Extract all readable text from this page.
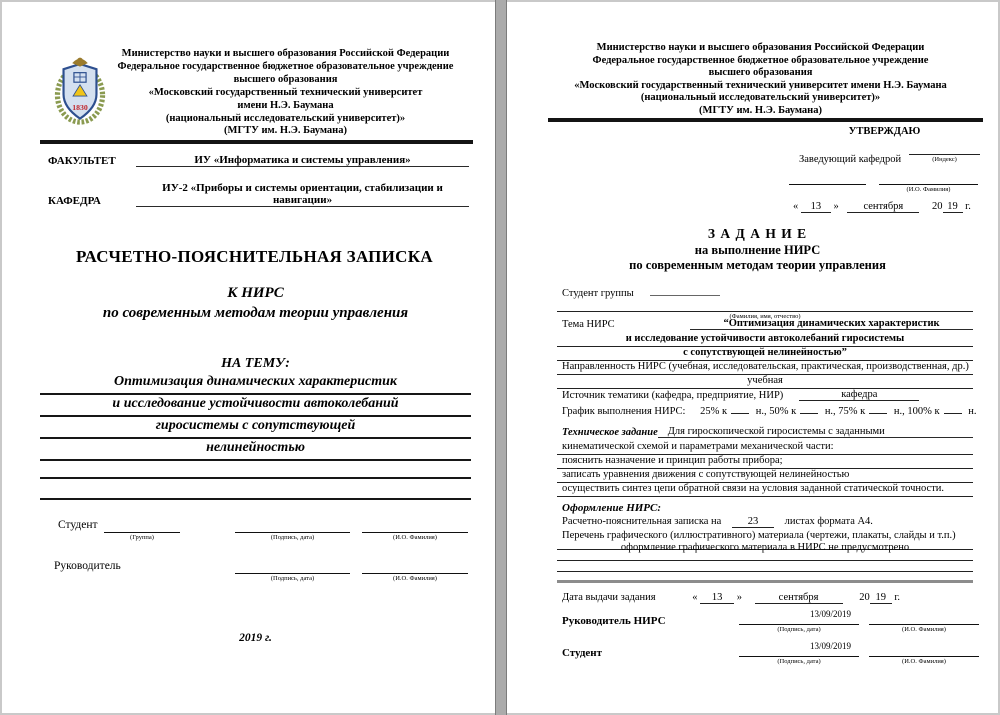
1830
Министерство науки и высшего образования Российской Федерации
Федеральное государственное бюджетное образовательное учреждение
высшего образования
«Московский государственный технический университет
имени Н.Э. Баумана
(национальный исследовательский университет)»
(МГТУ им. Н.Э. Баумана)
ФАКУЛЬТЕТ	ИУ «Информатика и системы управления»
КАФЕДРА
ИУ-2 «Приборы и системы ориентации, стабилизации и навигации»
РАСЧЕТНО-ПОЯСНИТЕЛЬНАЯ ЗАПИСКА
К НИРС
по современным методам теории управления
НА ТЕМУ:
Оптимизация динамических характеристик
и исследование устойчивости автоколебаний
гиросистемы с сопутствующей
нелинейностью
Студент
(Группа)	(Подпись, дата)	(И.О. Фамилия)
Руководитель
(Подпись, дата)	(И.О. Фамилия)
2019 г.
Министерство науки и высшего образования Российской Федерации
Федеральное государственное бюджетное образовательное учреждение
высшего образования
«Московский государственный технический университет имени Н.Э. Баумана
(национальный исследовательский университет)»
(МГТУ им. Н.Э. Баумана)
УТВЕРЖДАЮ
Заведующий кафедрой	(Индекс)
(И.О. Фамилия)
« 13 » сентября	20 19 г.
З А Д А Н И Е
на выполнение НИРС
по современным методам теории управления
Студент группы
(Фамилия, имя, отчество)
Тема НИРС	“Оптимизация динамических характеристик
и исследование устойчивости автоколебаний гиросистемы
с сопутствующей нелинейностью”
Направленность НИРС (учебная, исследовательская, практическая, производственная, др.)
учебная
Источник тематики (кафедра, предприятие, НИР)	кафедра
График выполнения НИРС: 25% к	н., 50% к	н., 75% к	н., 100% к	н.
Техническое задание Для гироскопической гиросистемы с заданными
кинематической схемой и параметрами механической части:
пояснить назначение и принцип работы прибора;
записать уравнения движения с сопутствующей нелинейностью
осуществить синтез цепи обратной связи на условия заданной статической точности.
Оформление НИРС:
Расчетно-пояснительная записка на	23	листах формата А4.
Перечень графического (иллюстративного) материала (чертежи, плакаты, слайды и т.п.)
оформление графического материала в НИРС не предусмотрено
Дата выдачи задания	« 13 »	сентября	20 19 г.
Руководитель НИРС
13/09/2019
(Подпись, дата)	(И.О. Фамилия)
Студент
13/09/2019
(Подпись, дата)	(И.О. Фамилия)
